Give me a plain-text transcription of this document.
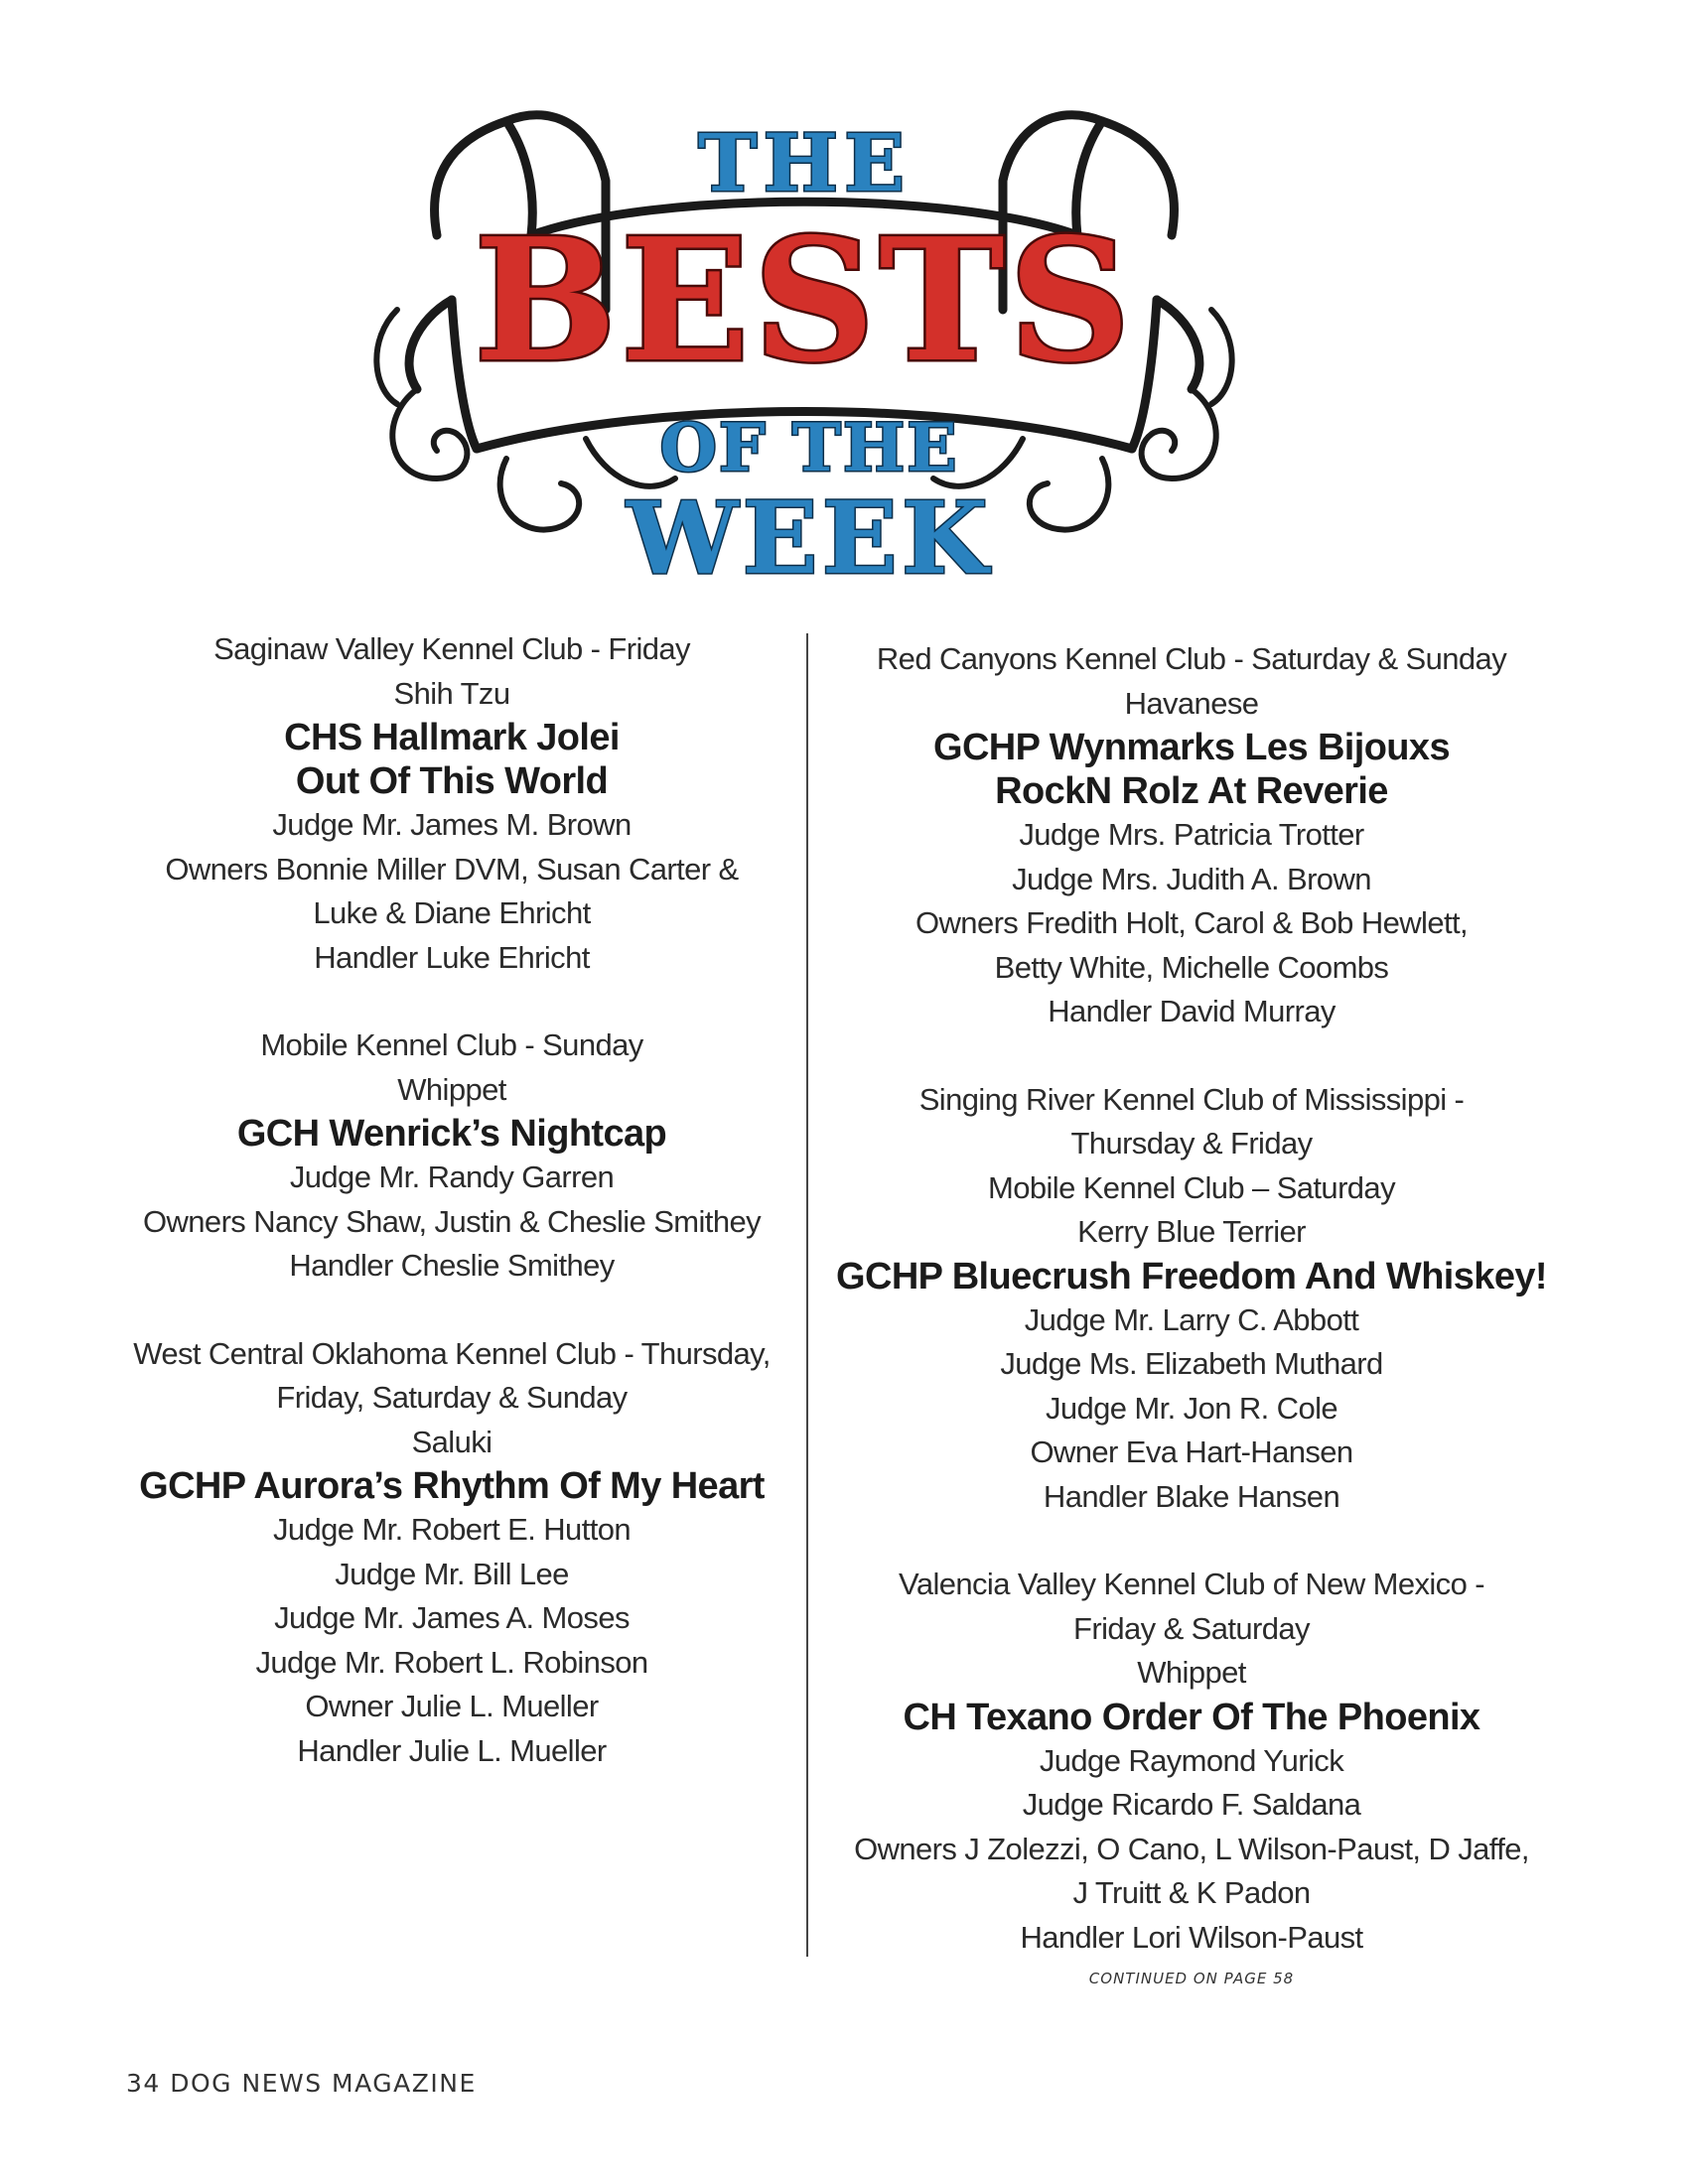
THE
BESTS
OF THE
WEEK
Saginaw Valley Kennel Club - Friday
Shih Tzu
CHS Hallmark Jolei
Out Of This World
Judge Mr. James M. Brown
Owners Bonnie Miller DVM, Susan Carter &
Luke & Diane Ehricht
Handler Luke Ehricht
Mobile Kennel Club - Sunday
Whippet
GCH Wenrick’s Nightcap
Judge Mr. Randy Garren
Owners Nancy Shaw, Justin & Cheslie Smithey
Handler Cheslie Smithey
West Central Oklahoma Kennel Club - Thursday,
Friday, Saturday & Sunday
Saluki
GCHP Aurora’s Rhythm Of My Heart
Judge Mr. Robert E. Hutton
Judge Mr. Bill Lee
Judge Mr. James A. Moses
Judge Mr. Robert L. Robinson
Owner Julie L. Mueller
Handler Julie L. Mueller
Red Canyons Kennel Club - Saturday & Sunday
Havanese
GCHP Wynmarks Les Bijouxs
RockN Rolz At Reverie
Judge Mrs. Patricia Trotter
Judge Mrs. Judith A. Brown
Owners Fredith Holt, Carol & Bob Hewlett,
Betty White, Michelle Coombs
Handler David Murray
Singing River Kennel Club of Mississippi -
Thursday & Friday
Mobile Kennel Club – Saturday
Kerry Blue Terrier
GCHP Bluecrush Freedom And Whiskey!
Judge Mr. Larry C. Abbott
Judge Ms. Elizabeth Muthard
Judge Mr. Jon R. Cole
Owner Eva Hart-Hansen
Handler Blake Hansen
Valencia Valley Kennel Club of New Mexico -
Friday & Saturday
Whippet
CH Texano Order Of The Phoenix
Judge Raymond Yurick
Judge Ricardo F. Saldana
Owners J Zolezzi, O Cano, L Wilson-Paust, D Jaffe,
J Truitt & K Padon
Handler Lori Wilson-Paust
CONTINUED ON PAGE 58
34 DOG NEWS MAGAZINE
